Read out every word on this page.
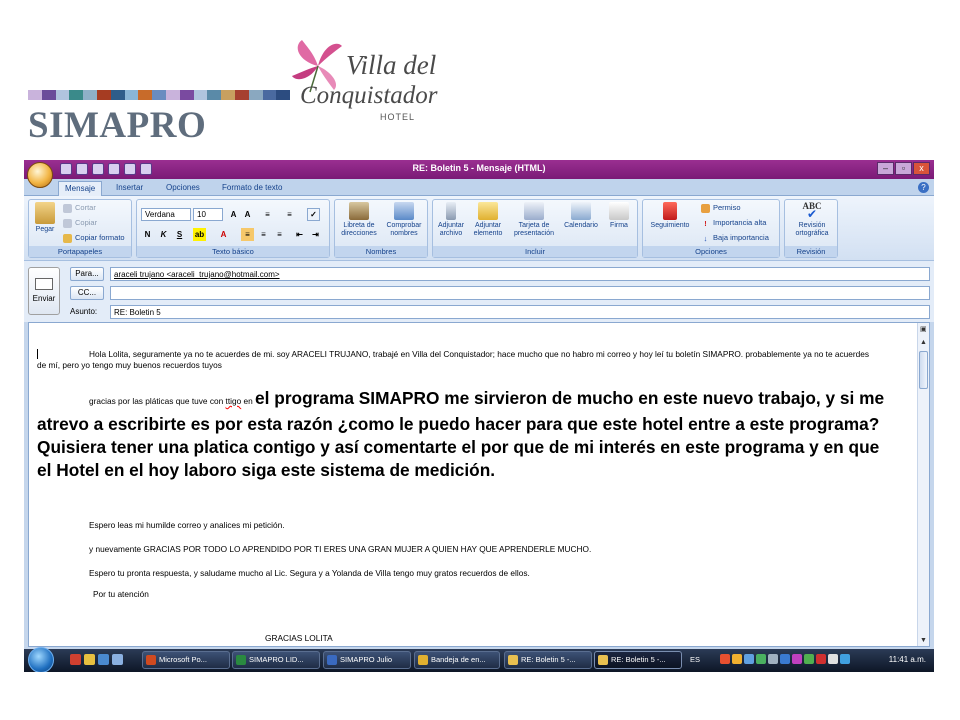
SIMAPRO
Villa del
Conquistador
HOTEL
RE: Boletin 5 - Mensaje (HTML)	–	▫	x
Mensaje	Insertar	Opciones	Formato de texto	?
Pegar
Cortar
Copiar
Copiar formato
Portapapeles
Verdana	10	A	A	≡	≡	✓
N	K	S	ab	A	≡	≡	≡	⇤	⇥
Texto básico
Libreta de direcciones
Comprobar nombres
Nombres
Adjuntar archivo
Adjuntar elemento
Tarjeta de presentación
Calendario	Firma
Incluir
Seguimiento
Permiso
! Importancia alta
↓ Baja importancia
Opciones
ABC
✔
Revisión ortográfica
Revisión
Enviar
Para...	araceli trujano <araceli_trujano@hotmail.com>
CC...
Asunto:	RE: Boletin 5
Hola Lolita, seguramente ya no te acuerdes de mi. soy ARACELI TRUJANO, trabajé en Villa del Conquistador; hace mucho que no habro mi correo y hoy leí tu boletín SIMAPRO. probablemente ya no te acuerdes de mí, pero yo tengo muy buenos recuerdos tuyos
gracias por las pláticas que tuve con ttigo en el programa SIMAPRO me sirvieron de mucho en este nuevo trabajo, y si me atrevo a escribirte es por esta razón ¿como le puedo hacer para que este hotel entre a este programa? Quisiera tener una platica contigo y así comentarte el por que de mi interés en este programa y en que el Hotel en el hoy laboro siga este sistema de medición.
Espero leas mi humilde correo y analices mi petición.
y nuevamente GRACIAS POR TODO LO APRENDIDO POR TI ERES UNA GRAN MUJER A QUIEN HAY QUE APRENDERLE MUCHO.
Espero tu pronta respuesta, y saludame mucho al Lic. Segura y a Yolanda de Villa tengo muy gratos recuerdos de ellos.
Por tu atención
GRACIAS LOLITA
▣
▲
▼
Microsoft Po...	SIMAPRO LID...	SIMAPRO Julio	Bandeja de en...	RE: Boletin 5 -...	RE: Boletin 5 -...	ES	11:41 a.m.
